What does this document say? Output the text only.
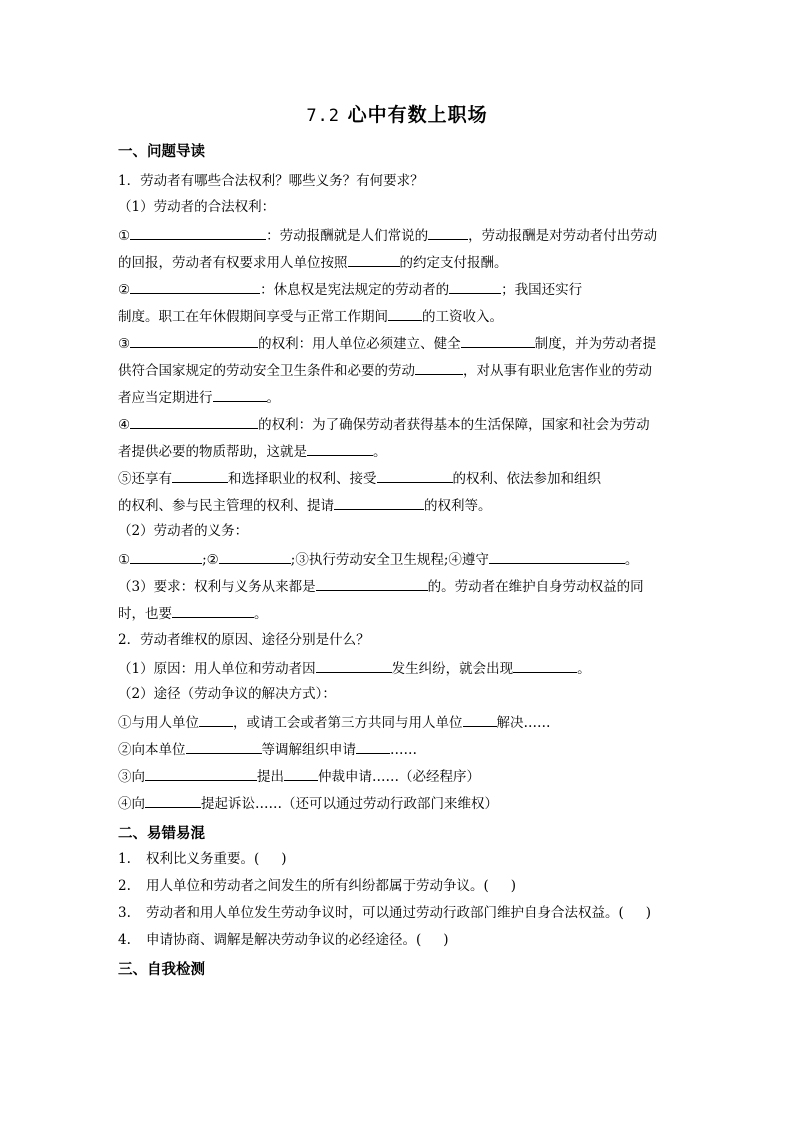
7.2 心中有数上职场
一、问题导读
1．劳动者有哪些合法权利？哪些义务？有何要求？
（1）劳动者的合法权利：
①	：劳动报酬就是人们常说的	，劳动报酬是对劳动者付出劳动
的回报，劳动者有权要求用人单位按照	的约定支付报酬。
②	：休息权是宪法规定的劳动者的	；我国还实行
制度。职工在年休假期间享受与正常工作期间	的工资收入。
③	的权利：用人单位必须建立、健全	制度，并为劳动者提
供符合国家规定的劳动安全卫生条件和必要的劳动	，对从事有职业危害作业的劳动
者应当定期进行	。
④	的权利：为了确保劳动者获得基本的生活保障，国家和社会为劳动
者提供必要的物质帮助，这就是	。
⑤还享有	和选择职业的权利、接受	的权利、依法参加和组织
的权利、参与民主管理的权利、提请	的权利等。
（2）劳动者的义务：
①	;②	;③执行劳动安全卫生规程;④遵守	。
（3）要求：权利与义务从来都是	的。劳动者在维护自身劳动权益的同
时，也要	。
2．劳动者维权的原因、途径分别是什么？
（1）原因：用人单位和劳动者因	发生纠纷，就会出现	。
（2）途径（劳动争议的解决方式）：
①与用人单位	，或请工会或者第三方共同与用人单位	解决……
②向本单位	等调解组织申请	……
③向	提出	仲裁申请……（必经程序）
④向	提起诉讼……（还可以通过劳动行政部门来维权）
二、易错易混
1. 权利比义务重要。( )
2. 用人单位和劳动者之间发生的所有纠纷都属于劳动争议。( )
3. 劳动者和用人单位发生劳动争议时，可以通过劳动行政部门维护自身合法权益。( )
4. 申请协商、调解是解决劳动争议的必经途径。( )
三、自我检测
